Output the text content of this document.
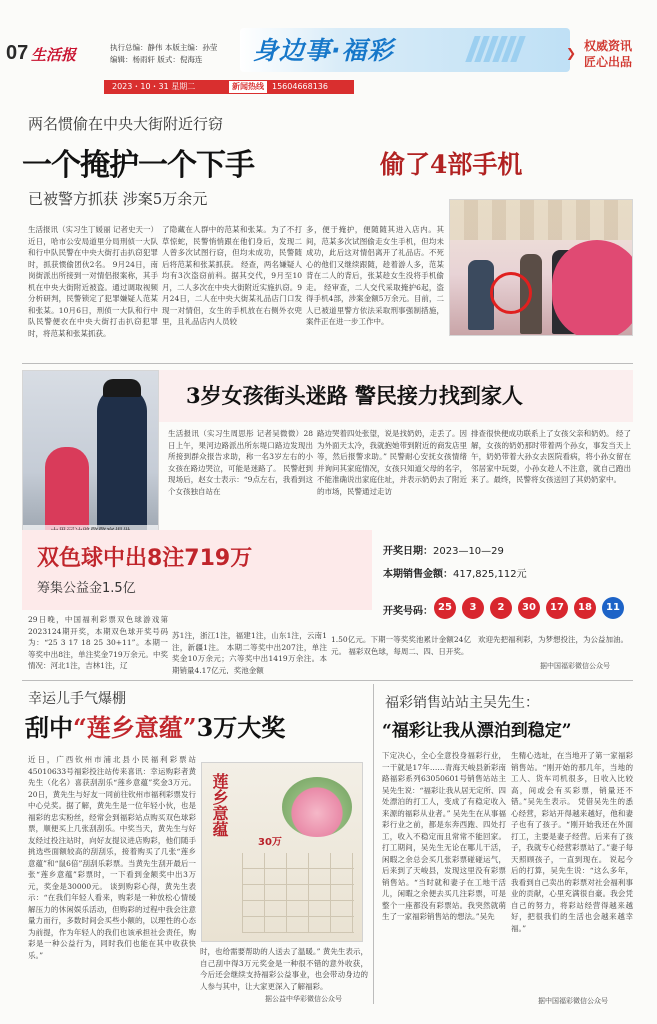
07 生活报	执行总编：静伟 本版主编：孙莹
编辑：杨雨轩 版式：倪海连	身边事·福彩	❯ 权威资讯
匠心出品
2023・10・31 星期二	新闻热线	15604668136
两名惯偷在中央大街附近行窃
一个掩护一个下手	偷了4部手机
已被警方抓获 涉案5万余元
生活报讯（实习生丁媛丽 记者史天一）近日，哈市公安局道里分局刑侦一大队和行中队民警在中央大街打击扒窃犯罪时，抓获惯偷团伙2名。 9月24日，南岗街派出所接到一对情侣报案称，其手机在中央大街附近被盗。通过调取视频分析研判，民警锁定了犯罪嫌疑人范某和张某。10月6日，刑侦一大队和行中队民警便衣在中央大街打击扒窃犯罪时，将范某和张某抓获。
了隐藏在人群中的范某和张某。为了不打草惊蛇，民警悄悄跟在他们身后，发现二人曾多次试图行窃，但均未成功，民警随后将范某和张某抓获。 经查，两名嫌疑人均有3次盗窃前科。据其交代，9月至10月，二人多次在中央大街附近实施扒窃。9月24日，二人在中央大街某礼品店门口发现一对情侣，女生的手机放在右侧外衣兜里，且礼品店内人员较
多，便于掩护，便随随其进入店内。其间，范某多次试图偷走女生手机，但均未成功，此后这对情侣离开了礼品店。不死心的他们又继续跟随，趁着游人多，范某背在二人的背后，张某趁女生没将手机偷走。 经审查，二人交代采取掩护6起，盗得手机4部，涉案金额5万余元。目前，二人已被道里警方依法采取刑事强制措施，案件正在进一步工作中。
3岁女孩街头迷路 警民接力找到家人
生活报讯（实习生周思彤 记者吴微微）28日上午，果河边路派出所东堤口路边发现出所接到群众报告求助，称一名3岁左右的小女孩在路边哭泣，可能是迷路了。 民警赶到现场后，赵女士表示：“9点左右，我看到这个女孩独自站在
路边哭着四处张望，说是找奶奶，走丢了。因为外面天太冷，我就抱她带到附近的商发店里等，然后报警求助。” 民警耐心安抚女孩情绪并询问其家庭情况，女孩只知道父母的名字，不能准确说出家庭住址，并表示奶奶去了附近的市场，民警通过走访
排查很快便成功联系上了女孩父亲和奶奶。 经了解，女孩的奶奶那时带着两个孙女，事发当天上午，奶奶带着大孙女去医院看病，将小孙女留在邻居家中玩耍，小孙女趁人不注意，就自己跑出来了。最终，民警将女孩送回了其奶奶家中。
双色球中出8注719万
筹集公益金1.5亿
开奖日期：2023—10—29
本期销售金额：417,825,112元
开奖号码： 25	3	2	30	17	18	11
29日晚，中国福利彩票双色球游戏第2023124期开奖，本期双色球开奖号码为：“25 3 17 18 25 30+11”。本期一等奖中出8注，单注奖金719万余元。中奖情况：河北1注，吉林1注，辽
苏1注，浙江1注，福建1注，山东1注，云南1注，新疆1注。 本期二等奖中出207注，单注奖金10万余元；六等奖中出1419万余注。本期销量4.17亿元，奖池金额
1.50亿元。下期一等奖奖池累计金额24亿元。 福彩双色球，每周二、四、日开奖。
欢迎先把福利彩，为梦想投注，为公益加油。
据中国福彩微信公众号
幸运儿手气爆棚
刮中“莲乡意蕴”3万大奖
近日，广西钦州市浦北县小民福利彩票站45010633号福彩投注站传来喜讯：幸运购彩者黄先生（化名）喜获刮刮乐“莲乡意蕴”奖金3万元。 20日，黄先生与好友一同前往钦州市福利彩票发行中心兑奖。据了解，黄先生是一位年轻小伙，也是福彩的忠实粉丝，经常会到福彩站点购买双色球彩票，顺便买上几张刮刮乐。中奖当天，黄先生与好友经过投注站时，向好友提议进店购彩，他们随手挑选些面额较高的刮刮乐，接着购买了几张“莲乡意蕴”和“鼠6倍”刮刮乐彩票。当黄先生刮开最后一张“莲乡意蕴”彩票时，一下看到金额奖中出3万元，奖金是30000元。 谈到购彩心得，黄先生表示：“在我们年轻人看来，购彩是一种放松心情缓解压力的休闲娱乐活动，但购彩的过程中我会注意量力而行，多数时间会买些小额的，以理性的心态为前提，作为年轻人的我们也该承担社会责任，购彩是一种公益行为，同时我们也能在其中收获快乐。”
莲乡意蕴
30万
时，也给需要帮助的人送去了温暖。” 黄先生表示，自己刮中得3万元奖金是一种很不错的意外收获，今后还会继续支持福彩公益事业，也会带动身边的人参与其中，让大家更深入了解福彩。
据公益中华彩微信公众号
福彩销售站站主吴先生：
“福彩让我从漂泊到稳定”
下定决心，全心全意投身福彩行业，一干就是17年……青海天峻县新彩南路福彩系列63050601号销售站站主吴先生说：“福彩让我从居无定所、四处漂泊的打工人，变成了有稳定收入来源的福彩从业者。” 吴先生在从事福彩行业之前，都是东奔西跑、四处打工，收入不稳定而且常常不能回家。打工期间，吴先生无论在哪儿干活，闲暇之余总会买几张彩票碰碰运气，后来到了天峻县，发现这里没有彩票销售站。“当时就和妻子在工地干活儿，闲暇之余便去买几注彩票，可是整个一座都没有彩票站。我突然就萌生了一家福彩销售站的想法。”吴先
生精心选址，在当地开了第一家福彩销售站。“刚开始的那几年，当地的工人、货车司机很多，日收入比较高，间或会有买彩票，销量还不错。”吴先生表示。 凭借吴先生的悉心经营，彩站开得越来越好，他和妻子也有了孩子。“刚开始我还在外面打工，主要是妻子经营。后来有了孩子，我就专心经营彩票站了。”妻子每天照顾孩子，一直到现在。 说起今后的打算，吴先生说：“这么多年，我看到自己卖出的彩票对社会福利事业的贡献，心里充满很自豪。我会凭自己的努力，将彩站经营得越来越好，把很我们的生活也会越来越幸福。”
据中国福彩微信公众号
